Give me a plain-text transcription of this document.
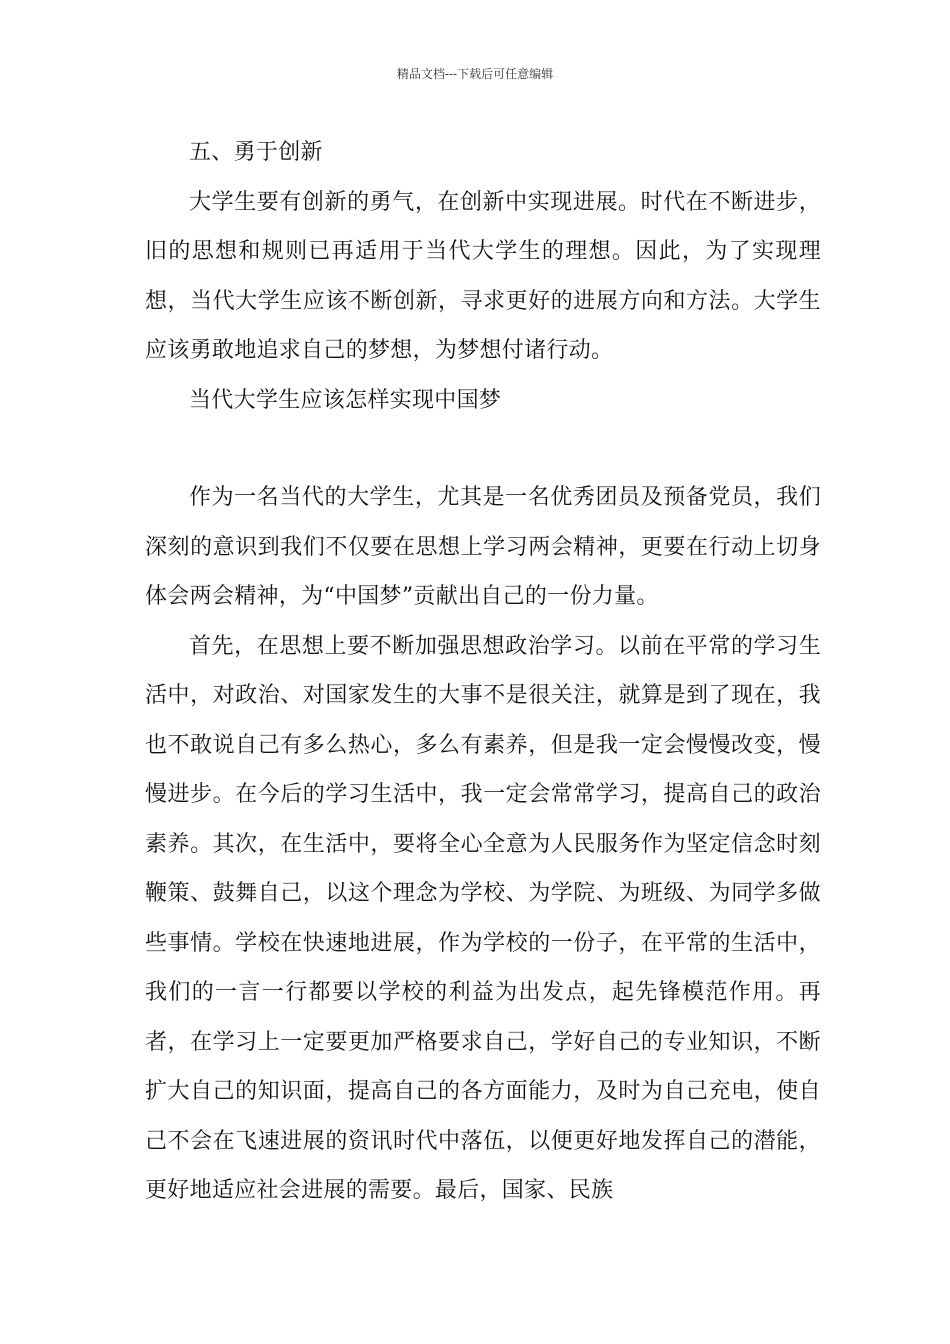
精品文档---下载后可任意编辑

五、勇于创新

大学生要有创新的勇气，在创新中实现进展。时代在不断进步，旧的思想和规则已再适用于当代大学生的理想。因此，为了实现理想，当代大学生应该不断创新，寻求更好的进展方向和方法。大学生应该勇敢地追求自己的梦想，为梦想付诸行动。

当代大学生应该怎样实现中国梦

作为一名当代的大学生，尤其是一名优秀团员及预备党员，我们深刻的意识到我们不仅要在思想上学习两会精神，更要在行动上切身体会两会精神，为“中国梦”贡献出自己的一份力量。

首先，在思想上要不断加强思想政治学习。以前在平常的学习生活中，对政治、对国家发生的大事不是很关注，就算是到了现在，我也不敢说自己有多么热心，多么有素养，但是我一定会慢慢改变，慢慢进步。在今后的学习生活中，我一定会常常学习，提高自己的政治素养。其次，在生活中，要将全心全意为人民服务作为坚定信念时刻鞭策、鼓舞自己，以这个理念为学校、为学院、为班级、为同学多做些事情。学校在快速地进展，作为学校的一份子，在平常的生活中，我们的一言一行都要以学校的利益为出发点，起先锋模范作用。再者，在学习上一定要更加严格要求自己，学好自己的专业知识，不断扩大自己的知识面，提高自己的各方面能力，及时为自己充电，使自己不会在飞速进展的资讯时代中落伍，以便更好地发挥自己的潜能，更好地适应社会进展的需要。最后，国家、民族
